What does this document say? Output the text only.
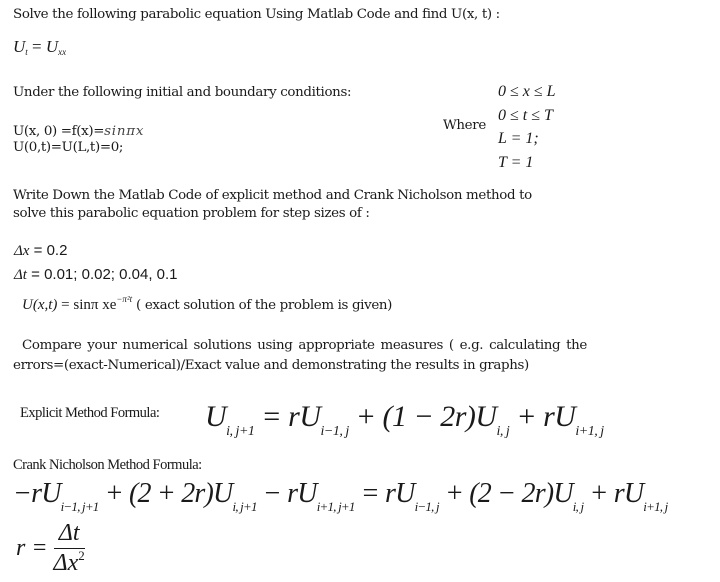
Solve the following parabolic equation Using Matlab Code and find U(x, t) :
Ut = Uxx
Under the following initial and boundary conditions:
U(x, 0) =f(x)=sinπx
U(0,t)=U(L,t)=0;
Where
0 ≤ x ≤ L
0 ≤ t ≤ T
L = 1;
T = 1
Write Down the Matlab Code of explicit method and Crank Nicholson method to
solve this parabolic equation problem for step sizes of :
Δx = 0.2
Δt = 0.01; 0.02; 0.04, 0.1
U(x,t) = sinπ $xe^{-\pi^2t}$ ( exact solution of the problem is given)
Compare your numerical solutions using appropriate measures ( e.g. calculating the errors=(exact-Numerical)/Exact value and demonstrating the results in graphs)
Explicit Method Formula: $U_{i, j+1} = rU_{i-1, j} + (1 - 2r)U_{i, j} + rU_{i+1, j}$
Crank Nicholson Method Formula:
$-rU_{i-1, j+1} + (2 + 2r)U_{i, j+1} - rU_{i+1, j+1} = rU_{i-1, j} + (2 - 2r)U_{i, j} + rU_{i+1, j}$
$r = \frac{\Delta t}{\Delta x^2}$
